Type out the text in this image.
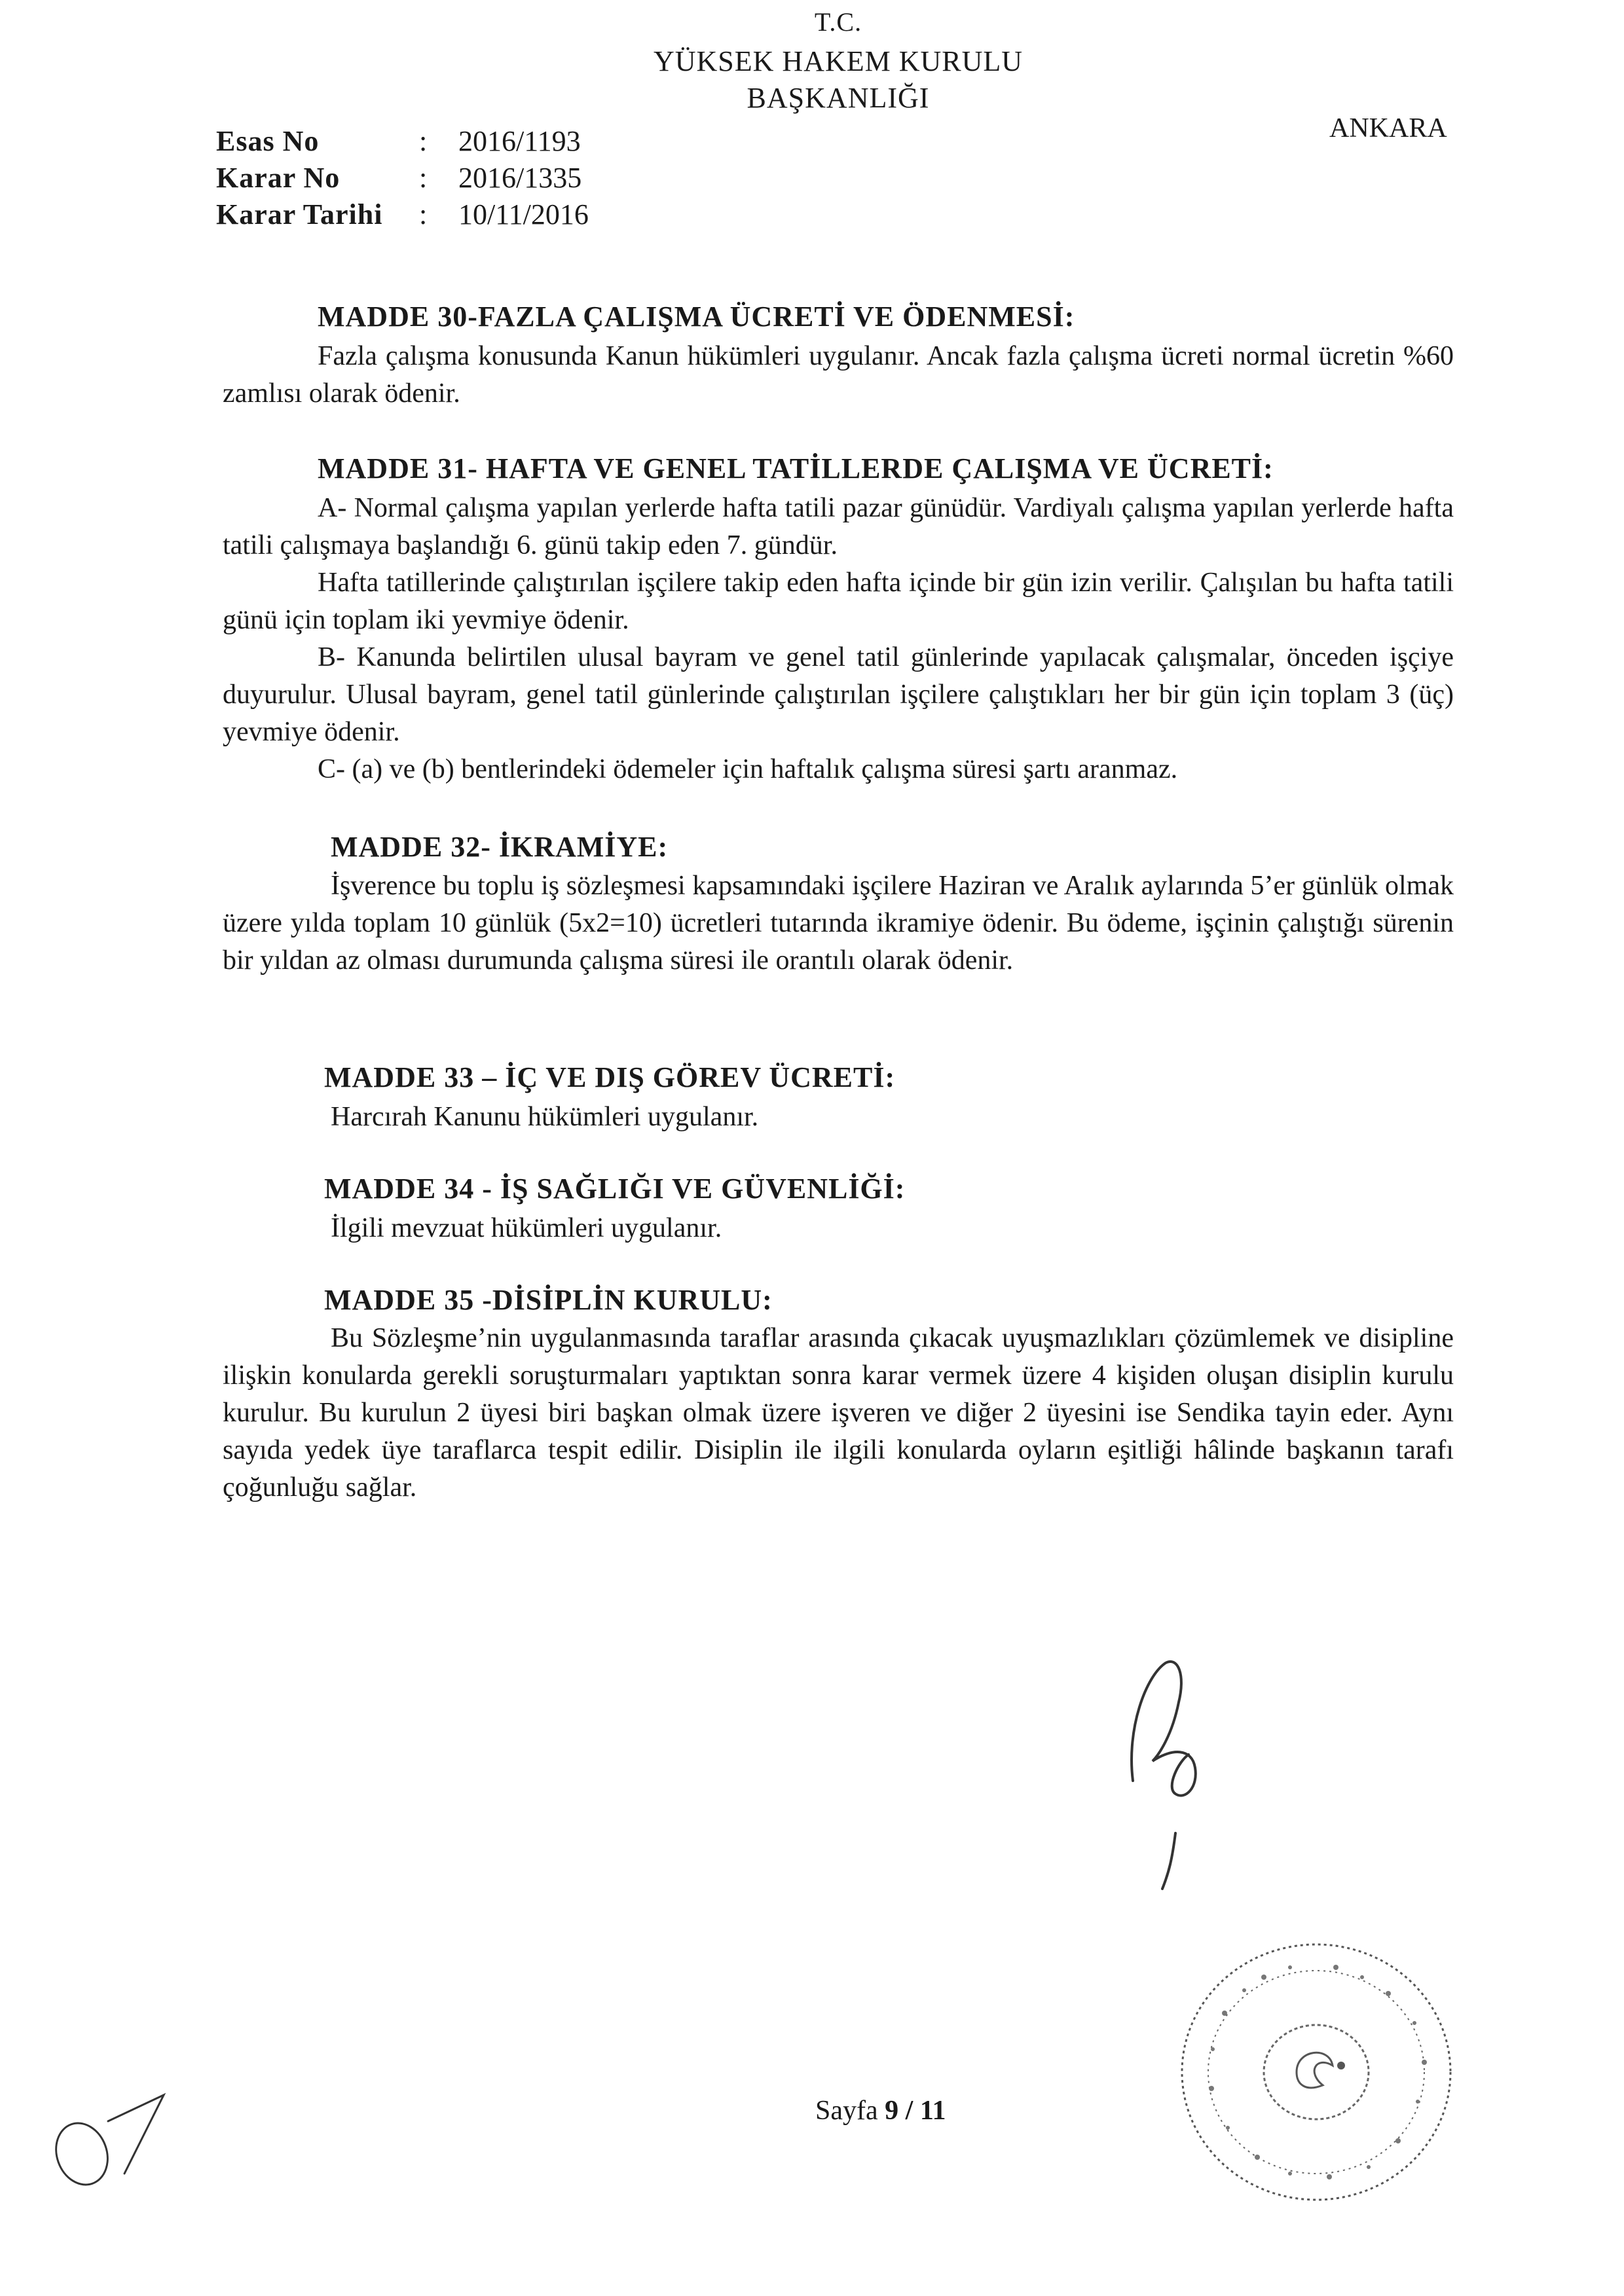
T.C.
YÜKSEK HAKEM KURULU
BAŞKANLIĞI
ANKARA
Esas No	: 2016/1193
Karar No	: 2016/1335
Karar Tarihi : 10/11/2016
MADDE 30-FAZLA ÇALIŞMA ÜCRETİ VE ÖDENMESİ:
Fazla çalışma konusunda Kanun hükümleri uygulanır. Ancak fazla çalışma ücreti normal ücretin %60 zamlısı olarak ödenir.
MADDE 31- HAFTA VE GENEL TATİLLERDE ÇALIŞMA VE ÜCRETİ:
A- Normal çalışma yapılan yerlerde hafta tatili pazar günüdür. Vardiyalı çalışma yapılan yerlerde hafta tatili çalışmaya başlandığı 6. günü takip eden 7. gündür.
Hafta tatillerinde çalıştırılan işçilere takip eden hafta içinde bir gün izin verilir. Çalışılan bu hafta tatili günü için toplam iki yevmiye ödenir.
B- Kanunda belirtilen ulusal bayram ve genel tatil günlerinde yapılacak çalışmalar, önceden işçiye duyurulur. Ulusal bayram, genel tatil günlerinde çalıştırılan işçilere çalıştıkları her bir gün için toplam 3 (üç) yevmiye ödenir.
C- (a) ve (b) bentlerindeki ödemeler için haftalık çalışma süresi şartı aranmaz.
MADDE 32- İKRAMİYE:
İşverence bu toplu iş sözleşmesi kapsamındaki işçilere Haziran ve Aralık aylarında 5’er günlük olmak üzere yılda toplam 10 günlük (5x2=10) ücretleri tutarında ikramiye ödenir. Bu ödeme, işçinin çalıştığı sürenin bir yıldan az olması durumunda çalışma süresi ile orantılı olarak ödenir.
MADDE 33 – İÇ VE DIŞ GÖREV ÜCRETİ:
Harcırah Kanunu hükümleri uygulanır.
MADDE 34 - İŞ SAĞLIĞI VE GÜVENLİĞİ:
İlgili mevzuat hükümleri uygulanır.
MADDE 35 -DİSİPLİN KURULU:
Bu Sözleşme’nin uygulanmasında taraflar arasında çıkacak uyuşmazlıkları çözümlemek ve disipline ilişkin konularda gerekli soruşturmaları yaptıktan sonra karar vermek üzere 4 kişiden oluşan disiplin kurulu kurulur. Bu kurulun 2 üyesi biri başkan olmak üzere işveren ve diğer 2 üyesini ise Sendika tayin eder. Aynı sayıda yedek üye taraflarca tespit edilir. Disiplin ile ilgili konularda oyların eşitliği hâlinde başkanın tarafı çoğunluğu sağlar.
Sayfa 9 / 11
